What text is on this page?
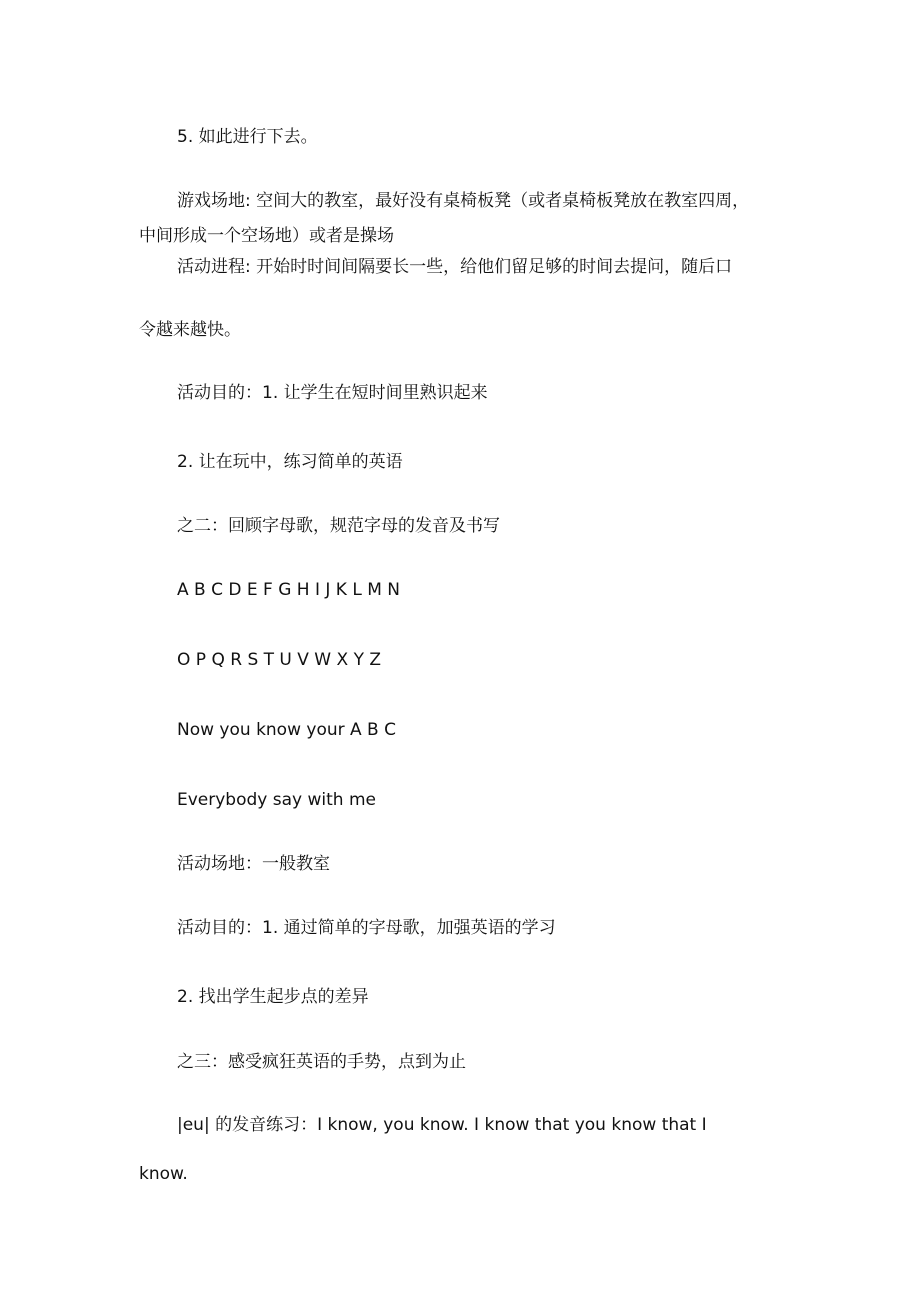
5. 如此进行下去。
游戏场地: 空间大的教室，最好没有桌椅板凳（或者桌椅板凳放在教室四周，
中间形成一个空场地）或者是操场
活动进程: 开始时时间间隔要长一些，给他们留足够的时间去提问，随后口
令越来越快。
活动目的：1. 让学生在短时间里熟识起来
2. 让在玩中，练习简单的英语
之二：回顾字母歌，规范字母的发音及书写
A B C D E F G H I J K L M N
O P Q R S T U V W X Y Z
Now you know your A B C
Everybody say with me
活动场地：一般教室
活动目的：1. 通过简单的字母歌，加强英语的学习
2. 找出学生起步点的差异
之三：感受疯狂英语的手势，点到为止
|eu| 的发音练习：I know, you know. I know that you know that I
know.
